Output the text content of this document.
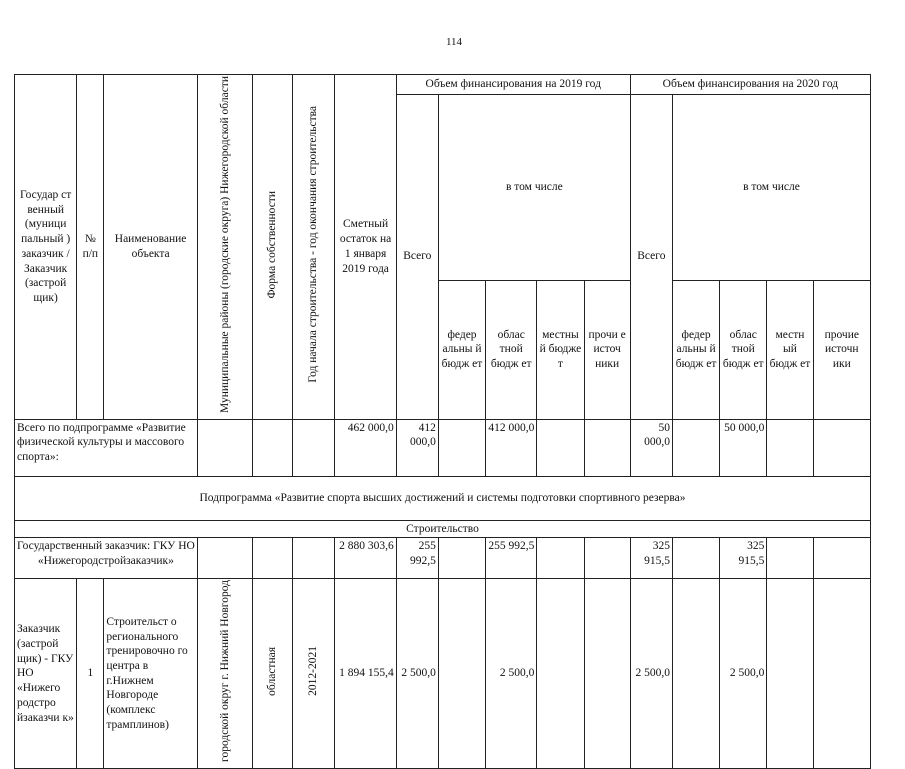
114
Государ ст венный (муници пальный ) заказчик / Заказчик (застрой щик)	№ п/п	Наименование объекта	Муниципальные районы (городские округа) Нижегородской области	Форма собственности	Год начала строительства - год окончания строительства	Сметный остаток на 1 января 2019 года	Объем финансирования на 2019 год					Объем финансирования на 2020 год				
							Всего	в том числе				Всего	в том числе			
								федер альны й бюдж ет	облас тной бюдж ет	местны й бюдже т	прочи е источ ники		федер альны й бюдж ет	облас тной бюдж ет	местн ый бюдж ет	прочие источн ики
Всего по подпрограмме «Развитие физической культуры и массового спорта»:						462 000,0	412 000,0		412 000,0			50 000,0		50 000,0		
Подпрограмма «Развитие спорта высших достижений и системы подготовки спортивного резерва»																
Строительство																
Государственный заказчик: ГКУ НО «Нижегородстройзаказчик»						2 880 303,6	255 992,5		255 992,5			325 915,5		325 915,5		
Заказчик (застрой щик) - ГКУ НО «Нижего родстро йзаказчи к»	1	Строительст о регионального тренировочно го центра в г.Нижнем Новгороде (комплекс трамплинов)	городской округ г. Нижний Новгород	областная	2012-2021	1 894 155,4	2 500,0		2 500,0			2 500,0		2 500,0		
